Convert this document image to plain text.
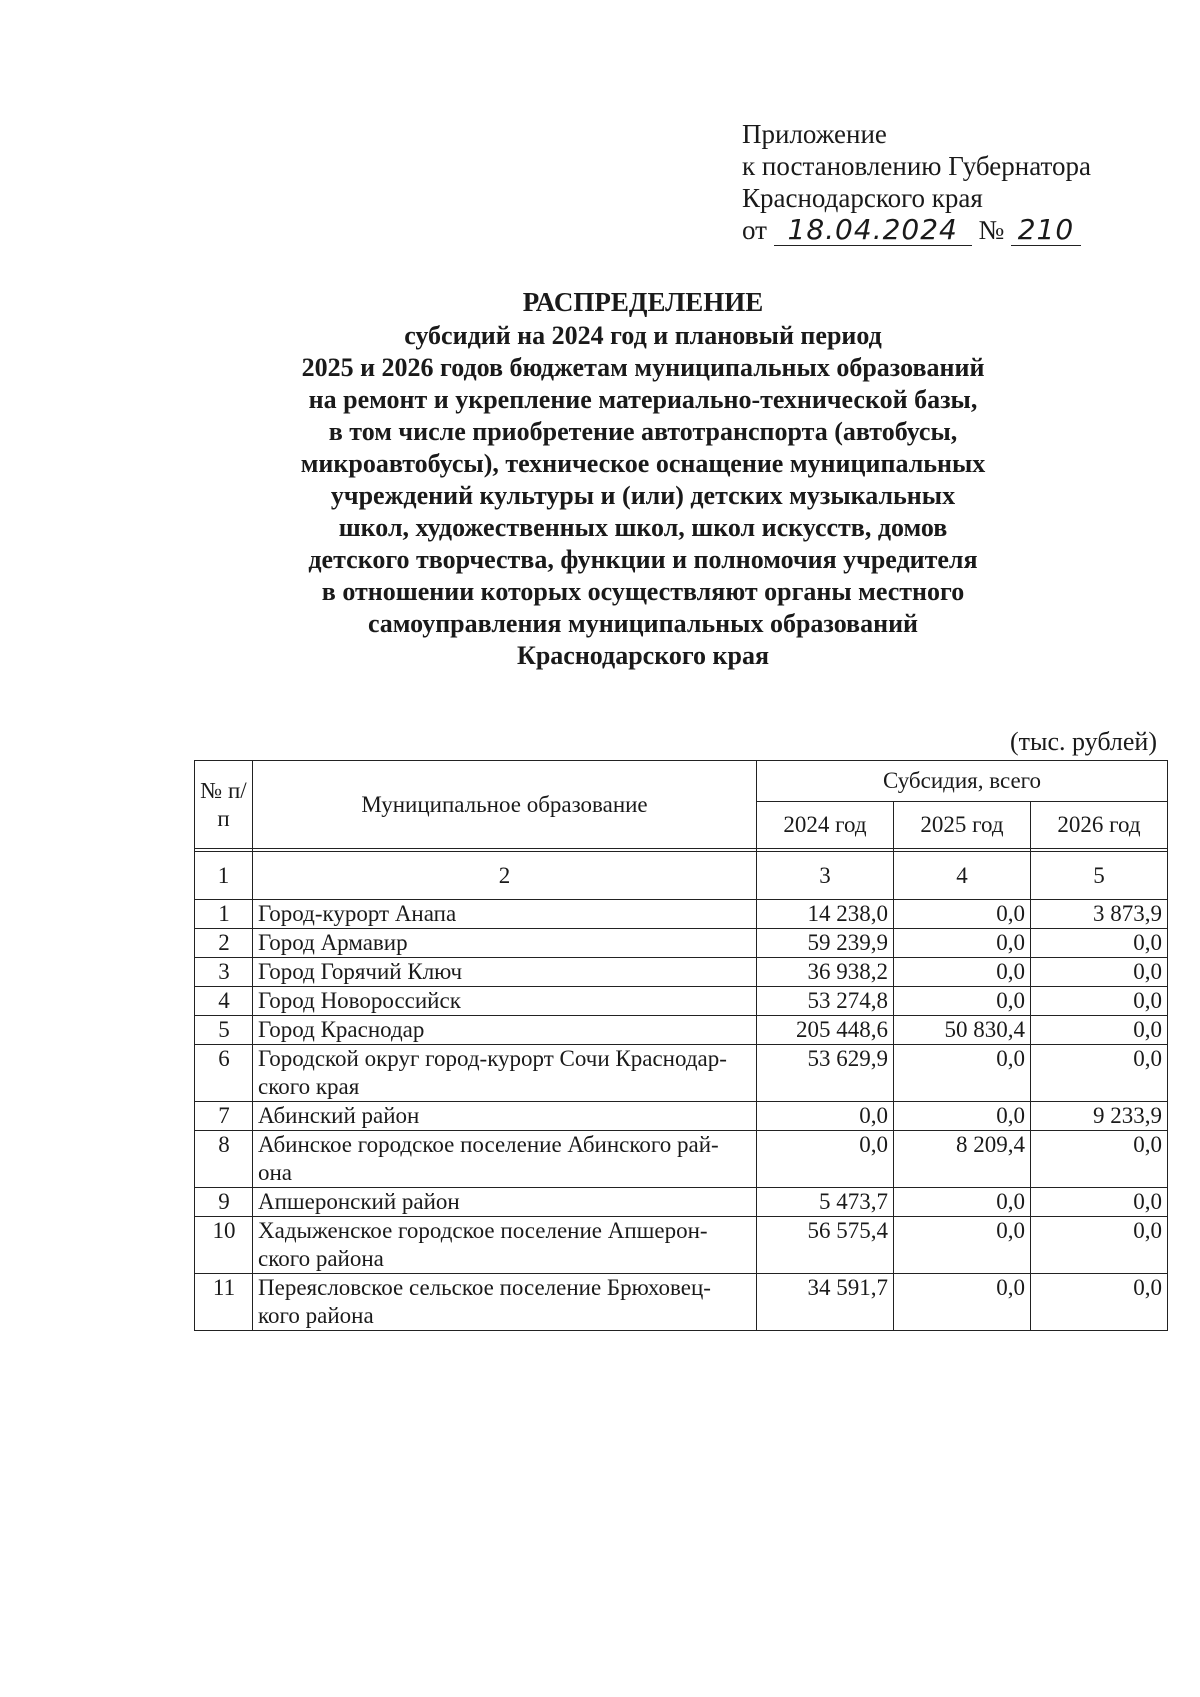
Приложение
к постановлению Губернатора
Краснодарского края
от 18.04.2024 № 210
РАСПРЕДЕЛЕНИЕ
субсидий на 2024 год и плановый период
2025 и 2026 годов бюджетам муниципальных образований
на ремонт и укрепление материально-технической базы,
в том числе приобретение автотранспорта (автобусы,
микроавтобусы), техническое оснащение муниципальных
учреждений культуры и (или) детских музыкальных
школ, художественных школ, школ искусств, домов
детского творчества, функции и полномочия учредителя
в отношении которых осуществляют органы местного
самоуправления муниципальных образований
Краснодарского края
(тыс. рублей)
№ п/п	Муниципальное образование	Субсидия, всего		
		2024 год	2025 год	2026 год

1	2	3	4	5
1	Город-курорт Анапа	14 238,0	0,0	3 873,9
2	Город Армавир	59 239,9	0,0	0,0
3	Город Горячий Ключ	36 938,2	0,0	0,0
4	Город Новороссийск	53 274,8	0,0	0,0
5	Город Краснодар	205 448,6	50 830,4	0,0
6	Городской округ город-курорт Сочи Краснодар-ского края	53 629,9	0,0	0,0
7	Абинский район	0,0	0,0	9 233,9
8	Абинское городское поселение Абинского рай-она	0,0	8 209,4	0,0
9	Апшеронский район	5 473,7	0,0	0,0
10	Хадыженское городское поселение Апшерон-ского района	56 575,4	0,0	0,0
11	Переясловское сельское поселение Брюховец-кого района	34 591,7	0,0	0,0
